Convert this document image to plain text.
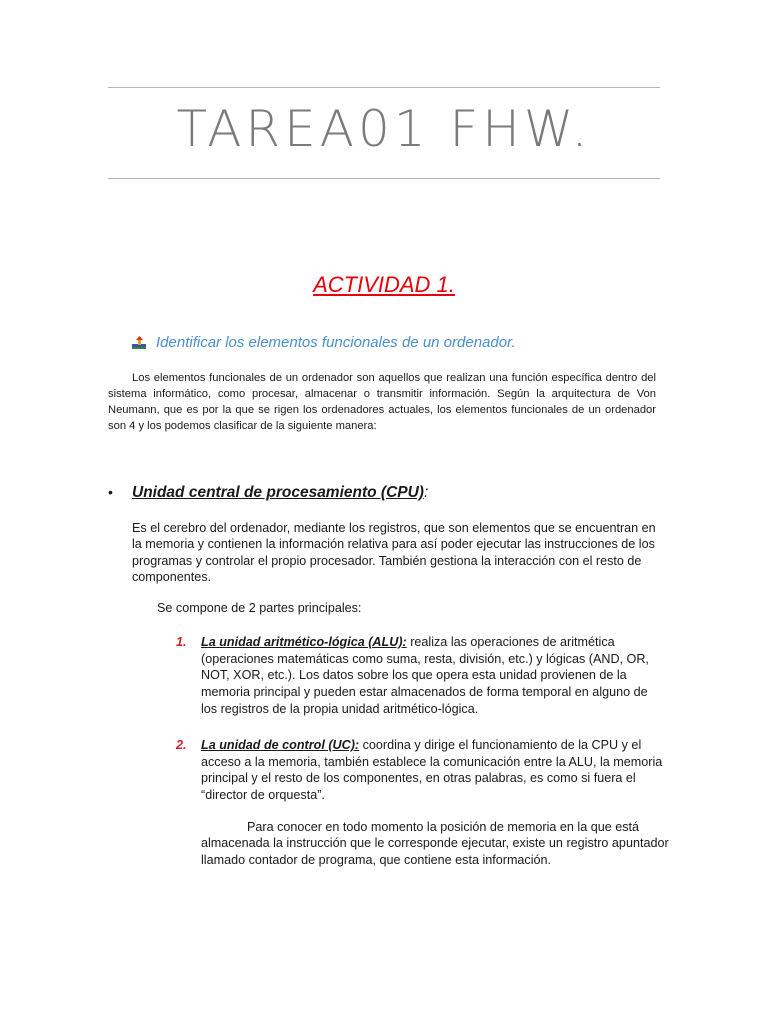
TAREA01 FHW.
ACTIVIDAD 1.
Identificar los elementos funcionales de un ordenador.

Los elementos funcionales de un ordenador son aquellos que realizan una función específica dentro del sistema informático, como procesar, almacenar o transmitir información. Según la arquitectura de Von Neumann, que es por la que se rigen los ordenadores actuales, los elementos funcionales de un ordenador son 4 y los podemos clasificar de la siguiente manera:

•	Unidad central de procesamiento (CPU) :
Es el cerebro del ordenador, mediante los registros, que son elementos que se encuentran en la memoria y contienen la información relativa para así poder ejecutar las instrucciones de los programas y controlar el propio procesador. También gestiona la interacción con el resto de componentes.
Se compone de 2 partes principales:
1.	La unidad aritmético-lógica (ALU): realiza las operaciones de aritmética (operaciones matemáticas como suma, resta, división, etc.) y lógicas (AND, OR, NOT, XOR, etc.). Los datos sobre los que opera esta unidad provienen de la memoria principal y pueden estar almacenados de forma temporal en alguno de los registros de la propia unidad aritmético-lógica.
2.	La unidad de control (UC): coordina y dirige el funcionamiento de la CPU y el acceso a la memoria, también establece la comunicación entre la ALU, la memoria principal y el resto de los componentes, en otras palabras, es como si fuera el “director de orquesta”.

Para conocer en todo momento la posición de memoria en la que está almacenada la instrucción que le corresponde ejecutar, existe un registro apuntador llamado contador de programa, que contiene esta información.
